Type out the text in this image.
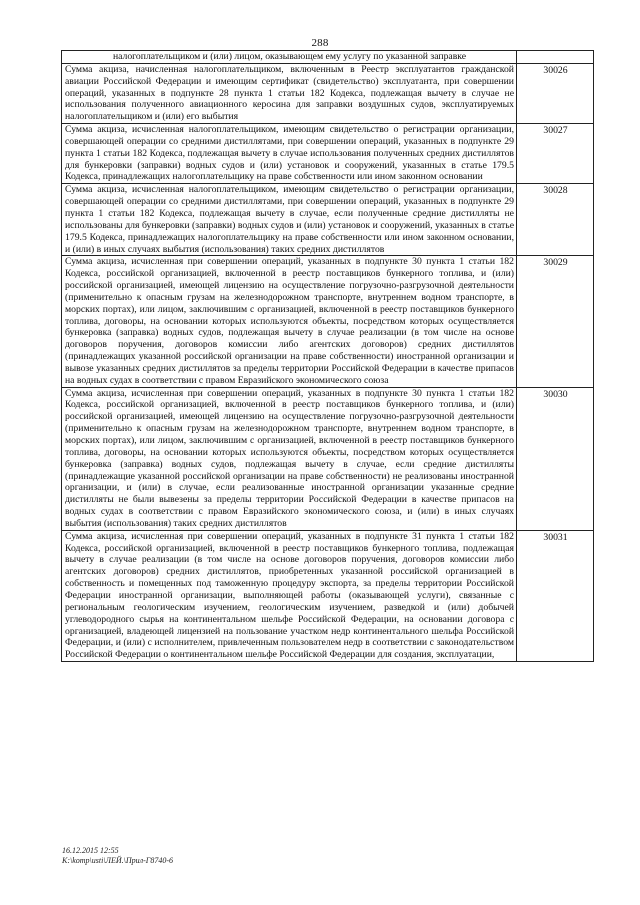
288
налогоплательщиком и (или) лицом, оказывающем ему услугу по указанной заправке	
Сумма акциза, начисленная налогоплательщиком, включенным в Реестр эксплуатантов гражданской авиации Российской Федерации и имеющим сертификат (свидетельство) эксплуатанта, при совершении операций, указанных в подпункте 28 пункта 1 статьи 182 Кодекса, подлежащая вычету в случае не использования полученного авиационного керосина для заправки воздушных судов, эксплуатируемых налогоплательщиком и (или) его выбытия	30026
Сумма акциза, исчисленная налогоплательщиком, имеющим свидетельство о регистрации организации, совершающей операции со средними дистиллятами, при совершении операций, указанных в подпункте 29 пункта 1 статьи 182 Кодекса, подлежащая вычету в случае использования полученных средних дистиллятов для бункеровки (заправки) водных судов и (или) установок и сооружений, указанных в статье 179.5 Кодекса, принадлежащих налогоплательщику на праве собственности или ином законном основании	30027
Сумма акциза, исчисленная налогоплательщиком, имеющим свидетельство о регистрации организации, совершающей операции со средними дистиллятами, при совершении операций, указанных в подпункте 29 пункта 1 статьи 182 Кодекса, подлежащая вычету в случае, если полученные средние дистилляты не использованы для бункеровки (заправки) водных судов и (или) установок и сооружений, указанных в статье 179.5 Кодекса, принадлежащих налогоплательщику на праве собственности или ином законном основании, и (или) в иных случаях выбытия (использования) таких средних дистиллятов	30028
Сумма акциза, исчисленная при совершении операций, указанных в подпункте 30 пункта 1 статьи 182 Кодекса, российской организацией, включенной в реестр поставщиков бункерного топлива, и (или) российской организацией, имеющей лицензию на осуществление погрузочно-разгрузочной деятельности (применительно к опасным грузам на железнодорожном транспорте, внутреннем водном транспорте, в морских портах), или лицом, заключившим с организацией, включенной в реестр поставщиков бункерного топлива, договоры, на основании которых используются объекты, посредством которых осуществляется бункеровка (заправка) водных судов, подлежащая вычету в случае реализации (в том числе на основе договоров поручения, договоров комиссии либо агентских договоров) средних дистиллятов (принадлежащих указанной российской организации на праве собственности) иностранной организации и вывозе указанных средних дистиллятов за пределы территории Российской Федерации в качестве припасов на водных судах в соответствии с правом Евразийского экономического союза	30029
Сумма акциза, исчисленная при совершении операций, указанных в подпункте 30 пункта 1 статьи 182 Кодекса, российской организацией, включенной в реестр поставщиков бункерного топлива, и (или) российской организацией, имеющей лицензию на осуществление погрузочно-разгрузочной деятельности (применительно к опасным грузам на железнодорожном транспорте, внутреннем водном транспорте, в морских портах), или лицом, заключившим с организацией, включенной в реестр поставщиков бункерного топлива, договоры, на основании которых используются объекты, посредством которых осуществляется бункеровка (заправка) водных судов, подлежащая вычету в случае, если средние дистилляты (принадлежащие указанной российской организации на праве собственности) не реализованы иностранной организации, и (или) в случае, если реализованные иностранной организации указанные средние дистилляты не были вывезены за пределы территории Российской Федерации в качестве припасов на водных судах в соответствии с правом Евразийского экономического союза, и (или) в иных случаях выбытия (использования) таких средних дистиллятов	30030
Сумма акциза, исчисленная при совершении операций, указанных в подпункте 31 пункта 1 статьи 182 Кодекса, российской организацией, включенной в реестр поставщиков бункерного топлива, подлежащая вычету в случае реализации (в том числе на основе договоров поручения, договоров комиссии либо агентских договоров) средних дистиллятов, приобретенных указанной российской организацией в собственность и помещенных под таможенную процедуру экспорта, за пределы территории Российской Федерации иностранной организации, выполняющей работы (оказывающей услуги), связанные с региональным геологическим изучением, геологическим изучением, разведкой и (или) добычей углеводородного сырья на континентальном шельфе Российской Федерации, на основании договора с организацией, владеющей лицензией на пользование участком недр континентального шельфа Российской Федерации, и (или) с исполнителем, привлеченным пользователем недр в соответствии с законодательством Российской Федерации о континентальном шельфе Российской Федерации для создания, эксплуатации,	30031
16.12.2015 12:55
K:\komp\usti\ЛЕЙ.\Прил-Г8740-6
